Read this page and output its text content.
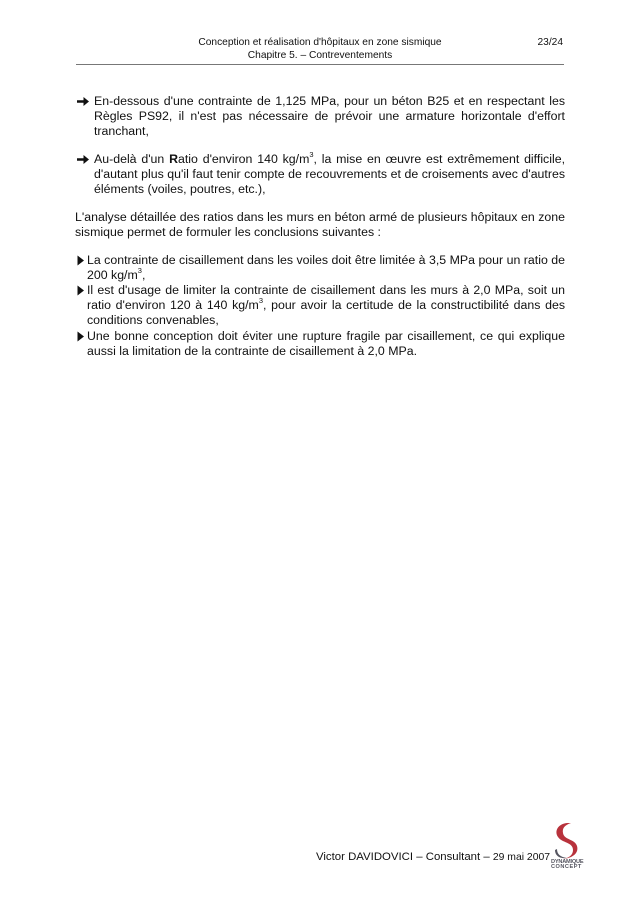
Conception et réalisation d'hôpitaux en zone sismique
Chapitre 5. – Contreventements
23/24

En-dessous d'une contrainte de 1,125 MPa, pour un béton B25 et en respectant les Règles PS92, il n'est pas nécessaire de prévoir une armature horizontale d'effort tranchant,

Au-delà d'un Ratio d'environ 140 $kg/m^3$, la mise en œuvre est extrêmement difficile, d'autant plus qu'il faut tenir compte de recouvrements et de croisements avec d'autres éléments (voiles, poutres, etc.),

L'analyse détaillée des ratios dans les murs en béton armé de plusieurs hôpitaux en zone sismique permet de formuler les conclusions suivantes :

La contrainte de cisaillement dans les voiles doit être limitée à 3,5 MPa pour un ratio de 200 $kg/m^3$,

Il est d'usage de limiter la contrainte de cisaillement dans les murs à 2,0 MPa, soit un ratio d'environ 120 à 140 $kg/m^3$, pour avoir la certitude de la constructibilité dans des conditions convenables,

Une bonne conception doit éviter une rupture fragile par cisaillement, ce qui explique aussi la limitation de la contrainte de cisaillement à 2,0 MPa.

Victor DAVIDOVICI – Consultant – 29 mai 2007 DYNAMIQUE
CONCEPT
